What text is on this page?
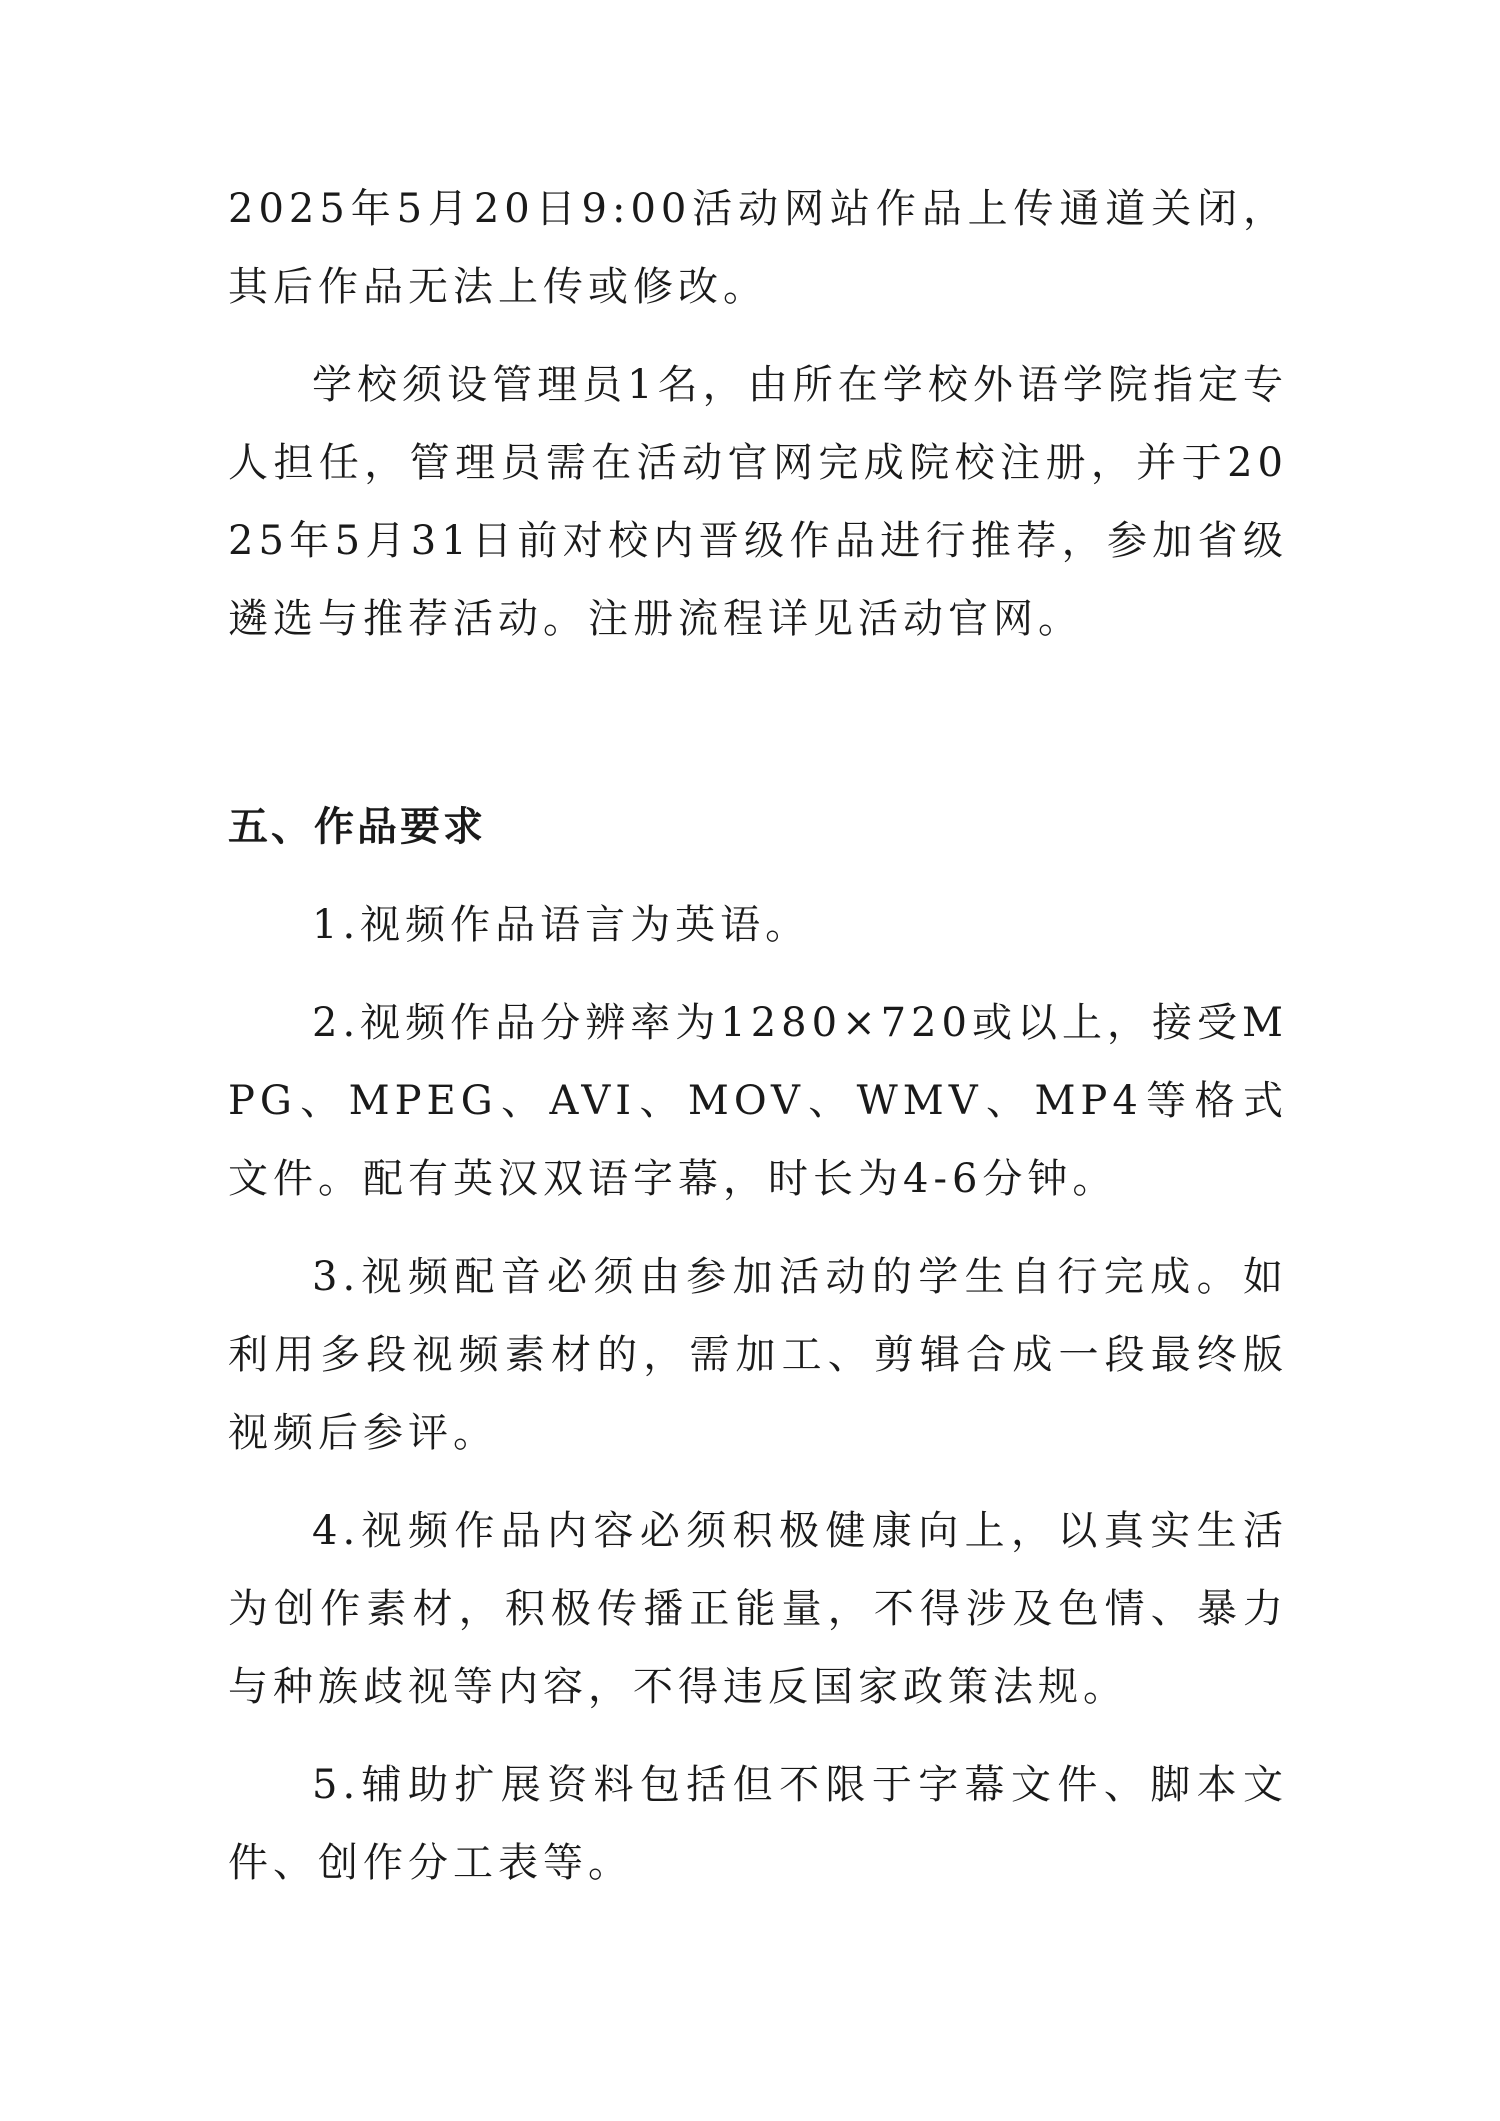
2025年5月20日9:00活动网站作品上传通道关闭，其后作品无法上传或修改。

学校须设管理员1名，由所在学校外语学院指定专人担任，管理员需在活动官网完成院校注册，并于2025年5月31日前对校内晋级作品进行推荐，参加省级遴选与推荐活动。注册流程详见活动官网。

五、作品要求

1.视频作品语言为英语。

2.视频作品分辨率为1280×720或以上，接受MPG、MPEG、AVI、MOV、WMV、MP4等格式文件。配有英汉双语字幕，时长为4-6分钟。

3.视频配音必须由参加活动的学生自行完成。如利用多段视频素材的，需加工、剪辑合成一段最终版视频后参评。

4.视频作品内容必须积极健康向上，以真实生活为创作素材，积极传播正能量，不得涉及色情、暴力与种族歧视等内容，不得违反国家政策法规。

5.辅助扩展资料包括但不限于字幕文件、脚本文件、创作分工表等。
